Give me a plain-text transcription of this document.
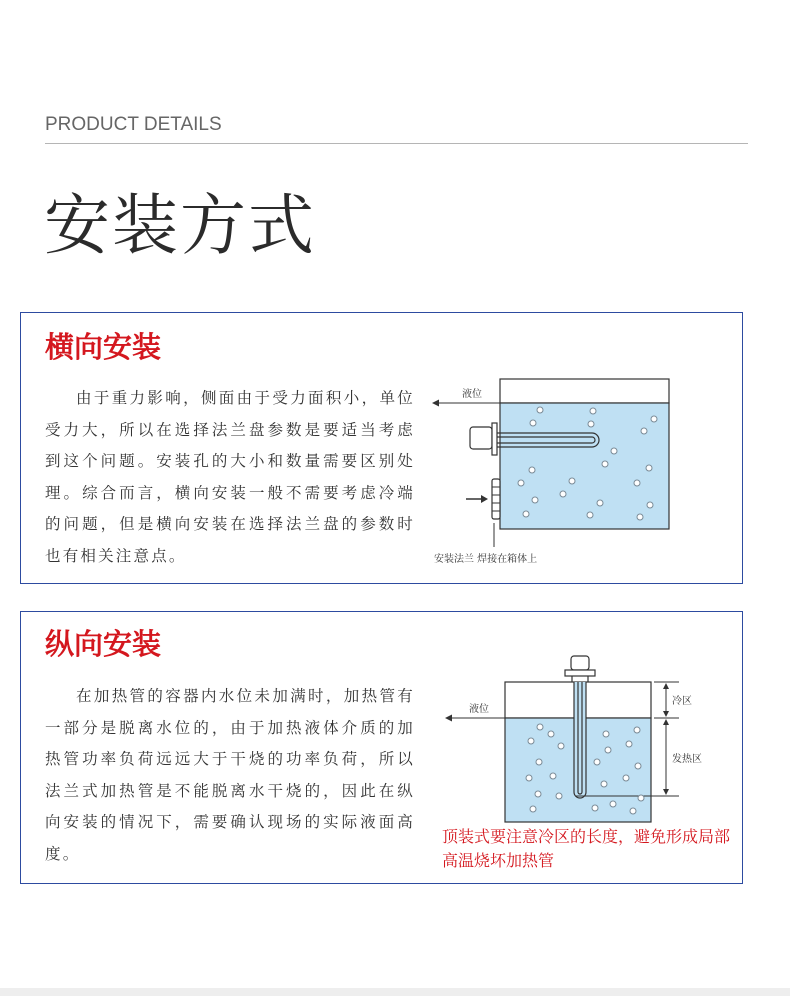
PRODUCT DETAILS
安装方式
横向安装
由于重力影响，侧面由于受力面积小，单位受力大，所以在选择法兰盘参数是要适当考虑到这个问题。安装孔的大小和数量需要区别处理。综合而言，横向安装一般不需要考虑冷端的问题，但是横向安装在选择法兰盘的参数时也有相关注意点。
液位
安装法兰 焊接在箱体上
纵向安装
在加热管的容器内水位未加满时，加热管有一部分是脱离水位的，由于加热液体介质的加热管功率负荷远远大于干烧的功率负荷，所以法兰式加热管是不能脱离水干烧的，因此在纵向安装的情况下，需要确认现场的实际液面高度。
液位
冷区
发热区
顶装式要注意冷区的长度，避免形成局部高温烧坏加热管
